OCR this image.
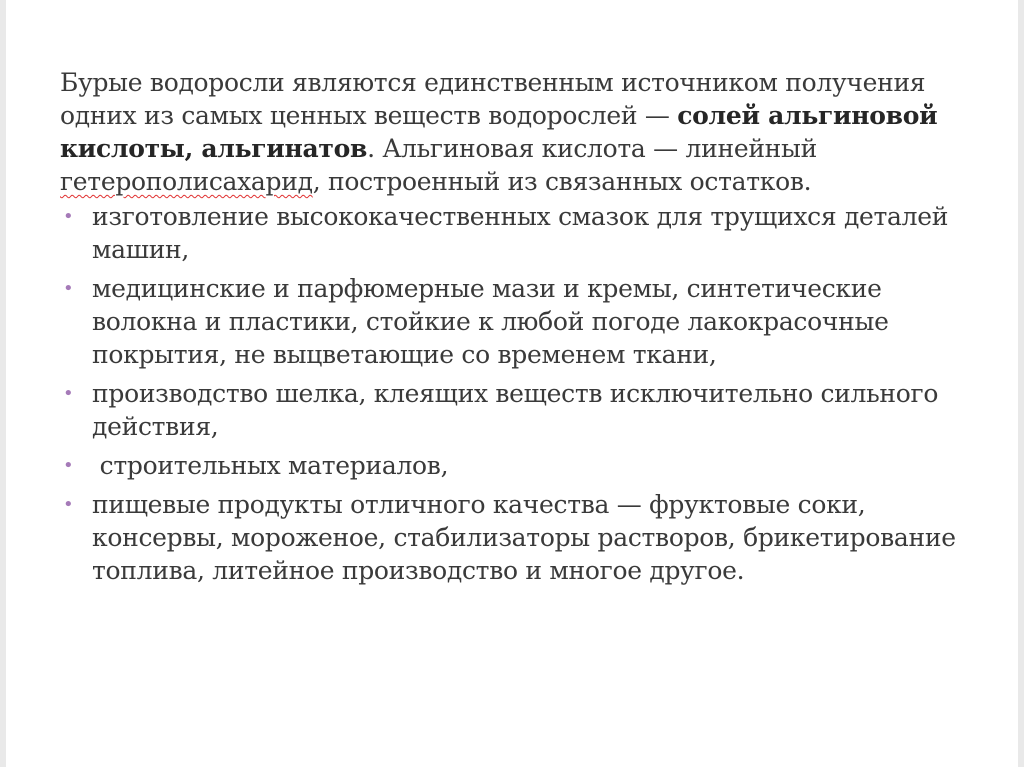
Бурые водоросли являются единственным источником получения одних из самых ценных веществ водорослей — солей альгиновой кислоты, альгинатов. Альгиновая кислота — линейный гетерополисахарид, построенный из связанных остатков.

• изготовление высококачественных смазок для трущихся деталей машин,
• медицинские и парфюмерные мази и кремы, синтетические волокна и пластики, стойкие к любой погоде лакокрасочные покрытия, не выцветающие со временем ткани,
• производство шелка, клеящих веществ исключительно сильного действия,
• строительных материалов,
• пищевые продукты отличного качества — фруктовые соки, консервы, мороженое, стабилизаторы растворов, брикетирование топлива, литейное производство и многое другое.
